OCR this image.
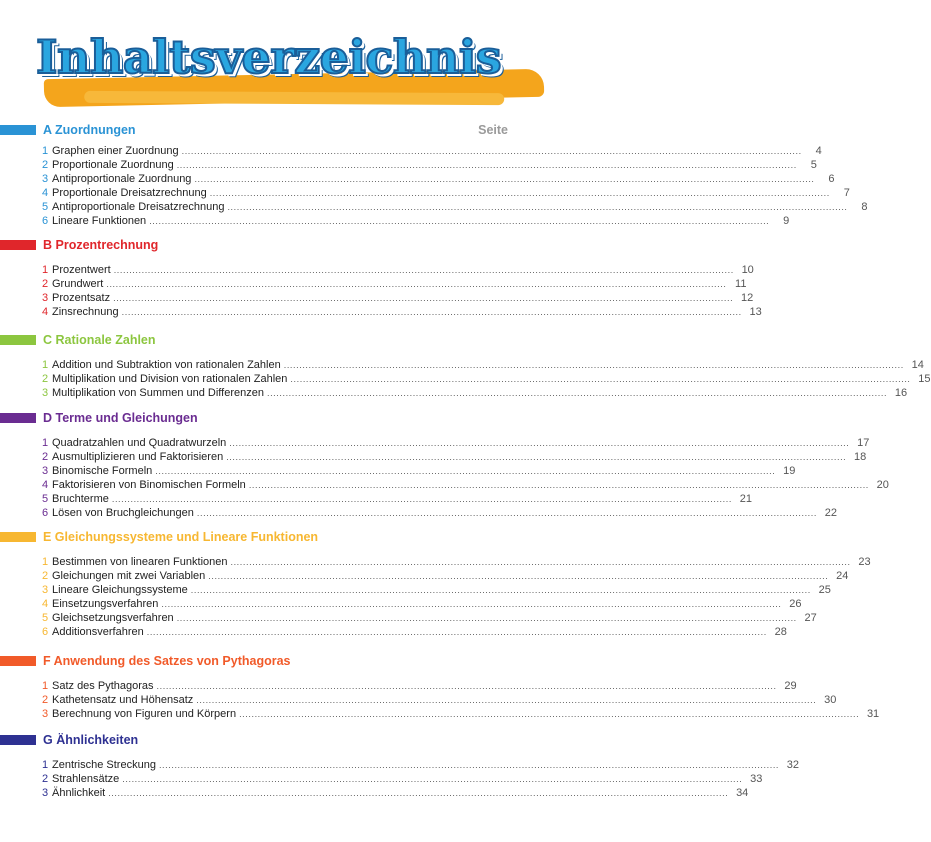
Inhaltsverzeichnis
A Zuordnungen	Seite
1 Graphen einer Zuordnung ........................................................................................................................................................................................................	4
2 Proportionale Zuordnung ........................................................................................................................................................................................................	5
3 Antiproportionale Zuordnung ........................................................................................................................................................................................................	6
4 Proportionale Dreisatzrechnung ........................................................................................................................................................................................................	7
5 Antiproportionale Dreisatzrechnung ........................................................................................................................................................................................................	8
6 Lineare Funktionen ........................................................................................................................................................................................................	9
B Prozentrechnung
1 Prozentwert ........................................................................................................................................................................................................ 10
2 Grundwert ........................................................................................................................................................................................................ 11
3 Prozentsatz ........................................................................................................................................................................................................ 12
4 Zinsrechnung ........................................................................................................................................................................................................ 13
C Rationale Zahlen
1 Addition und Subtraktion von rationalen Zahlen ........................................................................................................................................................................................................ 14
2 Multiplikation und Division von rationalen Zahlen ........................................................................................................................................................................................................ 15
3 Multiplikation von Summen und Differenzen ........................................................................................................................................................................................................ 16
D Terme und Gleichungen
1 Quadratzahlen und Quadratwurzeln ........................................................................................................................................................................................................ 17
2 Ausmultiplizieren und Faktorisieren ........................................................................................................................................................................................................ 18
3 Binomische Formeln ........................................................................................................................................................................................................ 19
4 Faktorisieren von Binomischen Formeln ........................................................................................................................................................................................................ 20
5 Bruchterme ........................................................................................................................................................................................................ 21
6 Lösen von Bruchgleichungen ........................................................................................................................................................................................................ 22
E Gleichungssysteme und Lineare Funktionen
1 Bestimmen von linearen Funktionen ........................................................................................................................................................................................................ 23
2 Gleichungen mit zwei Variablen ........................................................................................................................................................................................................ 24
3 Lineare Gleichungssysteme ........................................................................................................................................................................................................ 25
4 Einsetzungsverfahren ........................................................................................................................................................................................................ 26
5 Gleichsetzungsverfahren ........................................................................................................................................................................................................ 27
6 Additionsverfahren ........................................................................................................................................................................................................ 28
F Anwendung des Satzes von Pythagoras
1 Satz des Pythagoras ........................................................................................................................................................................................................ 29
2 Kathetensatz und Höhensatz ........................................................................................................................................................................................................ 30
3 Berechnung von Figuren und Körpern ........................................................................................................................................................................................................ 31
G Ähnlichkeiten
1 Zentrische Streckung ........................................................................................................................................................................................................ 32
2 Strahlensätze ........................................................................................................................................................................................................ 33
3 Ähnlichkeit ........................................................................................................................................................................................................ 34
